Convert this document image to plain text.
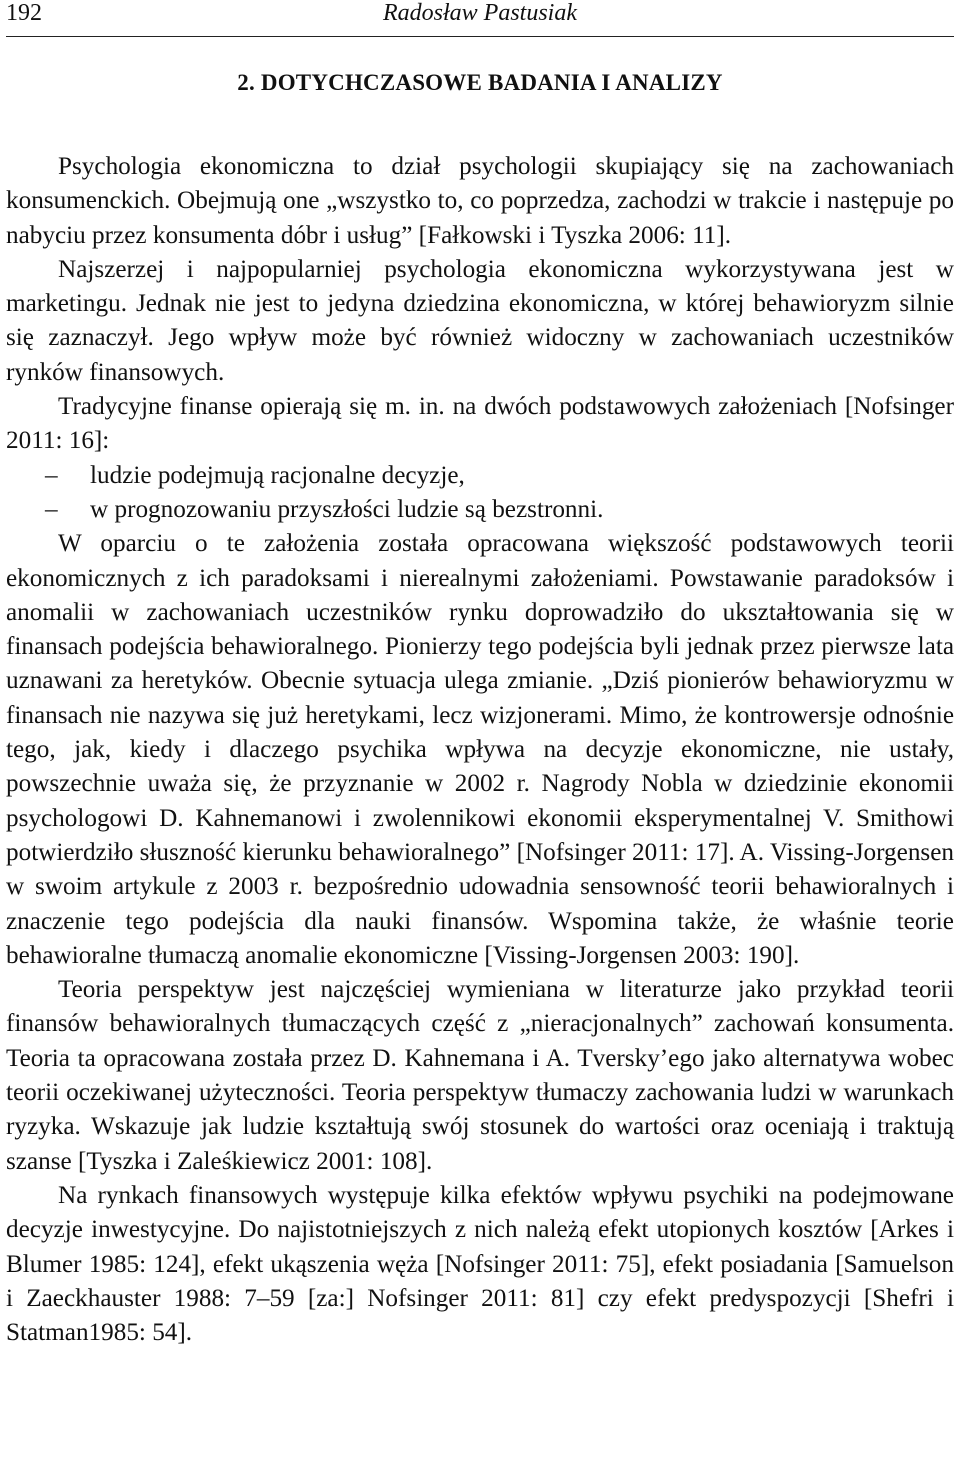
192	Radosław Pastusiak
2. DOTYCHCZASOWE BADANIA I ANALIZY

Psychologia ekonomiczna to dział psychologii skupiający się na zachowaniach konsumenckich. Obejmują one „wszystko to, co poprzedza, zachodzi w trakcie i następuje po nabyciu przez konsumenta dóbr i usług” [Fałkowski i Tyszka 2006: 11].

Najszerzej i najpopularniej psychologia ekonomiczna wykorzystywana jest w marketingu. Jednak nie jest to jedyna dziedzina ekonomiczna, w której behawioryzm silnie się zaznaczył. Jego wpływ może być również widoczny w zachowaniach uczestników rynków finansowych.

Tradycyjne finanse opierają się m. in. na dwóch podstawowych założeniach [Nofsinger 2011: 16]:

– ludzie podejmują racjonalne decyzje,
– w prognozowaniu przyszłości ludzie są bezstronni.

W oparciu o te założenia została opracowana większość podstawowych teorii ekonomicznych z ich paradoksami i nierealnymi założeniami. Powstawanie paradoksów i anomalii w zachowaniach uczestników rynku doprowadziło do ukształtowania się w finansach podejścia behawioralnego. Pionierzy tego podejścia byli jednak przez pierwsze lata uznawani za heretyków. Obecnie sytuacja ulega zmianie. „Dziś pionierów behawioryzmu w finansach nie nazywa się już heretykami, lecz wizjonerami. Mimo, że kontrowersje odnośnie tego, jak, kiedy i dlaczego psychika wpływa na decyzje ekonomiczne, nie ustały, powszechnie uważa się, że przyznanie w 2002 r. Nagrody Nobla w dziedzinie ekonomii psychologowi D. Kahnemanowi i zwolennikowi ekonomii eksperymentalnej V. Smithowi potwierdziło słuszność kierunku behawioralnego” [Nofsinger 2011: 17]. A. Vissing-Jorgensen w swoim artykule z 2003 r. bezpośrednio udowadnia sensowność teorii behawioralnych i znaczenie tego podejścia dla nauki finansów. Wspomina także, że właśnie teorie behawioralne tłumaczą anomalie ekonomiczne [Vissing-Jorgensen 2003: 190].

Teoria perspektyw jest najczęściej wymieniana w literaturze jako przykład teorii finansów behawioralnych tłumaczących część z „nieracjonalnych” zachowań konsumenta. Teoria ta opracowana została przez D. Kahnemana i A. Tversky’ego jako alternatywa wobec teorii oczekiwanej użyteczności. Teoria perspektyw tłumaczy zachowania ludzi w warunkach ryzyka. Wskazuje jak ludzie kształtują swój stosunek do wartości oraz oceniają i traktują szanse [Tyszka i Zaleśkiewicz 2001: 108].

Na rynkach finansowych występuje kilka efektów wpływu psychiki na podejmowane decyzje inwestycyjne. Do najistotniejszych z nich należą efekt utopionych kosztów [Arkes i Blumer 1985: 124], efekt ukąszenia węża [Nofsinger 2011: 75], efekt posiadania [Samuelson i Zaeckhauster 1988: 7–59 [za:] Nofsinger 2011: 81] czy efekt predyspozycji [Shefri i Statman1985: 54].
